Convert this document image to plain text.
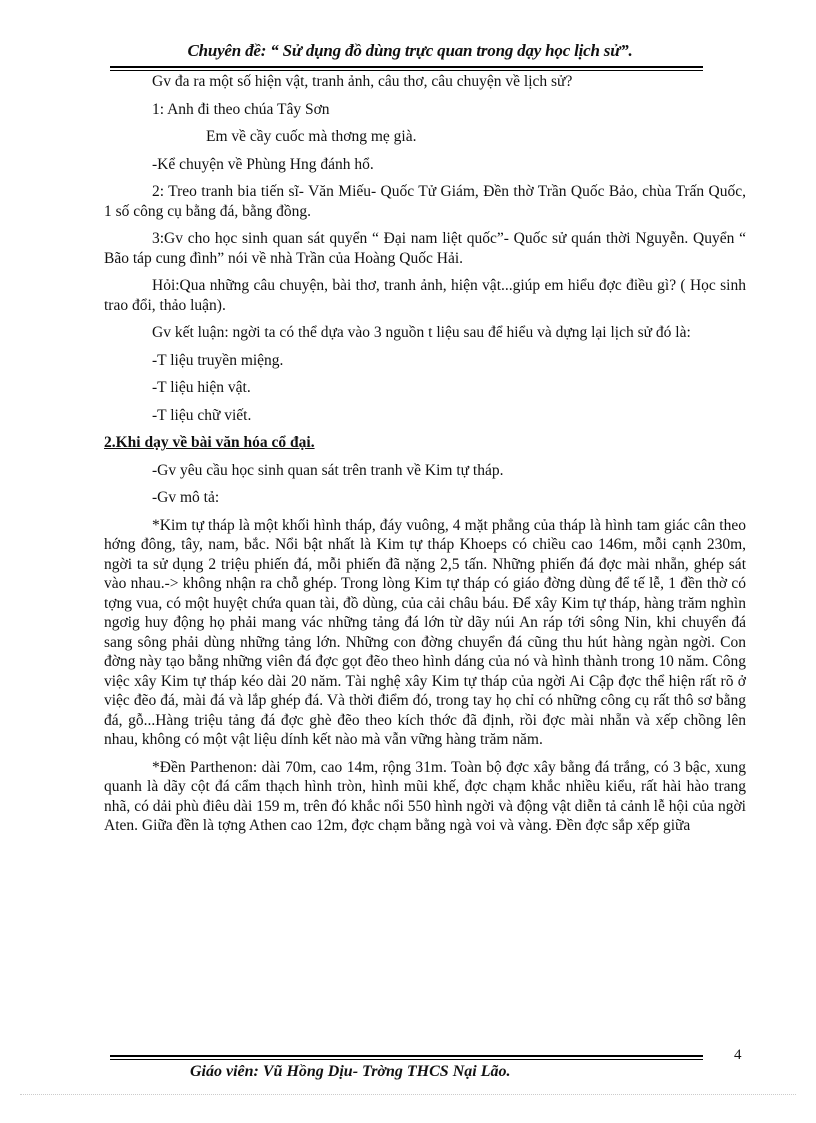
Chuyên đề: “ Sử dụng đồ dùng trực quan trong dạy học lịch sử”.

Gv đa ra một số hiện vật, tranh ảnh, câu thơ, câu chuyện về lịch sử?

1: Anh đi theo chúa Tây Sơn

Em về cầy cuốc mà thơng mẹ già.

-Kể chuyện về Phùng Hng đánh hổ.

2: Treo tranh bia tiến sĩ- Văn Miếu- Quốc Tử Giám, Đền thờ Trần Quốc Bảo, chùa Trấn Quốc, 1 số công cụ bằng đá, bằng đồng.

3:Gv cho học sinh quan sát quyển “ Đại nam liệt quốc”- Quốc sử quán thời Nguyễn. Quyển “ Bão táp cung đình” nói về nhà Trần của Hoàng Quốc Hải.

Hỏi:Qua những câu chuyện, bài thơ, tranh ảnh, hiện vật...giúp em hiểu đợc điều gì? ( Học sinh trao đổi, thảo luận).

Gv kết luận: ngời ta có thể dựa vào 3 nguồn t liệu sau để hiểu và dựng lại lịch sử đó là:

-T liệu truyền miệng.

-T liệu hiện vật.

-T liệu chữ viết.

2.Khi dạy về bài văn hóa cổ đại.

-Gv yêu cầu học sinh quan sát trên tranh về Kim tự tháp.

-Gv mô tả:

*Kim tự tháp là một khối hình tháp, đáy vuông, 4 mặt phẳng của tháp là hình tam giác cân theo hớng đông, tây, nam, bắc. Nổi bật nhất là Kim tự tháp Khoeps có chiều cao 146m, mỗi cạnh 230m, ngời ta sử dụng 2 triệu phiến đá, mỗi phiến đã nặng 2,5 tấn. Những phiến đá đợc mài nhẵn, ghép sát vào nhau.-> không nhận ra chỗ ghép. Trong lòng Kim tự tháp có giáo đờng dùng để tế lễ, 1 đền thờ có tợng vua, có một huyệt chứa quan tài, đồ dùng, của cải châu báu. Để xây Kim tự tháp, hàng trăm nghìn ngơig huy động họ phải mang vác những tảng đá lớn từ dãy núi An ráp tới sông Nin, khi chuyển đá sang sông phải dùng những tảng lớn. Những con đờng chuyển đá cũng thu hút hàng ngàn ngời. Con đờng này tạo bằng những viên đá đợc gọt đẽo theo hình dáng của nó và hình thành trong 10 năm. Công việc xây Kim tự tháp kéo dài 20 năm. Tài nghệ xây Kim tự tháp của ngời Ai Cập đợc thể hiện rất rõ ở việc đẽo đá, mài đá và lắp ghép đá. Và thời điểm đó, trong tay họ chỉ có những công cụ rất thô sơ bằng đá, gỗ...Hàng triệu tảng đá đợc ghè đẽo theo kích thớc đã định, rồi đợc mài nhẵn và xếp chồng lên nhau, không có một vật liệu dính kết nào mà vẫn vững hàng trăm năm.

*Đền Parthenon: dài 70m, cao 14m, rộng 31m. Toàn bộ đợc xây bằng đá trắng, có 3 bậc, xung quanh là dãy cột đá cẩm thạch hình tròn, hình mũi khế, đợc chạm khắc nhiều kiểu, rất hài hào trang nhã, có dải phù điêu dài 159 m, trên đó khắc nổi 550 hình ngời và động vật diễn tả cảnh lễ hội của ngời Aten. Giữa đền là tợng Athen cao 12m, đợc chạm bằng ngà voi và vàng. Đền đợc sắp xếp giữa

4
Giáo viên: Vũ Hồng Dịu- Trờng THCS Nại Lão.
